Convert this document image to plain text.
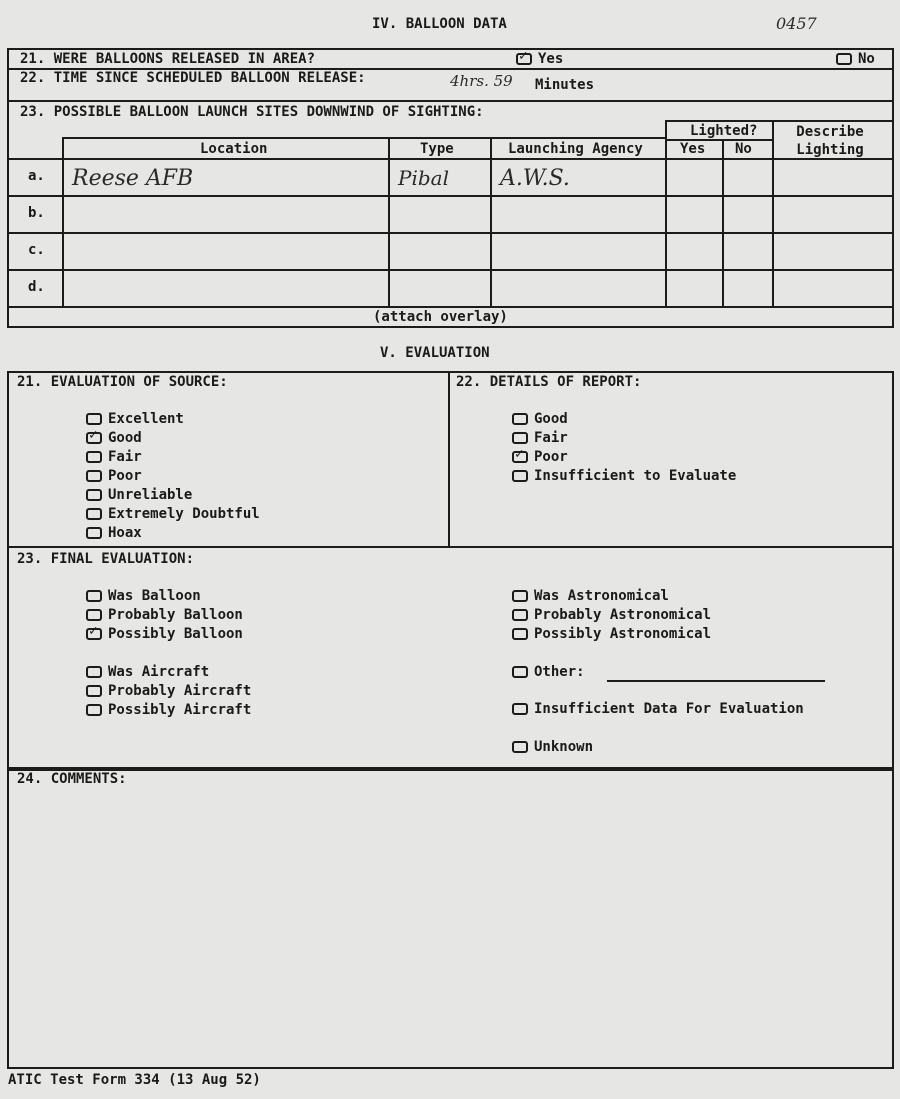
0457
IV. BALLOON DATA
21. WERE BALLOONS RELEASED IN AREA?
✓	Yes	No
22. TIME SINCE SCHEDULED BALLOON RELEASE:	4hrs. 59 Minutes
23. POSSIBLE BALLOON LAUNCH SITES DOWNWIND OF SIGHTING:
Location	Type	Launching Agency
Lighted?
Yes No
Describe Lighting
a. Reese AFB	Pibal A.W.S.
b.
c.
d.
(attach overlay)
V. EVALUATION
21. EVALUATION OF SOURCE:	22. DETAILS OF REPORT:
23. FINAL EVALUATION:
Excellent
✓
Good
Fair
Poor
Unreliable
Extremely Doubtful
Hoax
Good
Fair
✓
Poor
Insufficient to Evaluate
Was Balloon
Probably Balloon
✓
Possibly Balloon
Was Aircraft
Probably Aircraft
Possibly Aircraft
Was Astronomical
Probably Astronomical
Possibly Astronomical
Other:
Insufficient Data For Evaluation
Unknown
24. COMMENTS:
ATIC Test Form 334 (13 Aug 52)
